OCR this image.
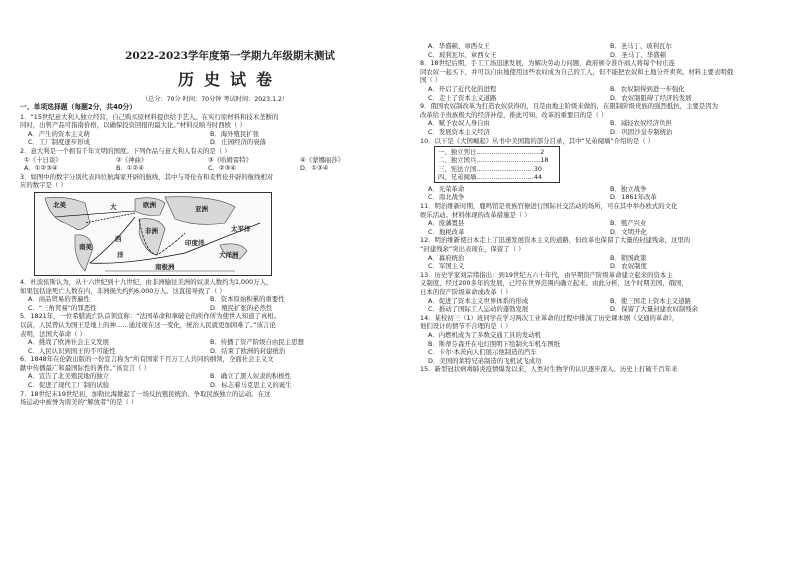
2022-2023学年度第一学期九年级期末测试
历史试卷
（总分：70分 时间：70分钟 考试时间：2023.1.2）
一、单项选择题（每题2分，共40分）
1．“15世纪意大利人独立经营，自己购买原材料提供给手艺人。在实行原材料和技术垄断的
同时，出售产品可指南价格，以确保投资回报的最大化。”材料反映当时西欧（ ）
A．产生的资本主义萌	B．海外殖民扩张
C．工厂制度逐步形成	D．庄园经济的衰落
2．意大利是一个拥有千年文明的国度。下列作品与意大利人有关的是（ ）
①《十日谈》	②《神曲》	③《哈姆雷特》	④《蒙娜丽莎》
A．①②③④	B．①②④	C．②③④	D．①③④
3．如图中的数字分别代表四位航海家开辟的航线，其中与哥伦布和麦哲伦开辟的航线相对
应的数字是（ ）
北美	大	欧洲	亚洲
太平洋
非洲
印度洋
南美
西
大洋洲
洋
南极洲
4．杜波依斯认为，从十六世纪到十九世纪，由非洲输往美洲的奴隶人数约为1,000万人，
如果包括途死亡人数在内，非洲损失约约6,000万人。这直接导致了（ ）
A．商品贸易的普遍性	B．资本原始积累的重要性
C．“三角贸易”的罪恶性	D．殖民扩张的必然性
5．1821年，一位希腊流亡队首领宣称：“法国革命和拿破仑的所作所为使世人知道了真相。
以前，人民曾认为国王是地上的神……通过现在这一变化，统治人民就更加困难了。”该言论
表明，法国大革命（ ）
A．挑战了欧洲社会主义发展	B．传播了资产阶级自由民主思想
C．人民认识到国王的不可能性	D．结束了欧洲的封建统治
6．1848年在伦敦出版的一份宣言称为“所有国家千百万工人共同的纲领，全面社会主义文
献中传播最广和最国际性的著作。”该宣言（ ）
A．宣告了北美殖民地的独立	B．确立了黑人奴隶的积极性
C．促进了现代工厂制的试验	D．标志着马克思主义的诞生
7．18世纪末19世纪初，加勒比海掀起了一场反抗殖民统治、争取民族独立的运动。在这
场运动中被誉为南美的“解放者”的是（ ）
A．华盛顿、章西女王	B．圣马丁、玻利瓦尔
C．玻利瓦尔、章西女王	D．圣马丁、华盛顿
8．18世纪后期，手工工场迅速发展，为解决劳动力问题，政府颁令准许商人将每个村庄连
同农奴一起买下，并可以自由地使用这些农奴成为自己的工人，但不能把农奴和土地分开卖卖。材料主要表明俄
国（ ）
A．开启了近代化的进程	B．农奴制得到进一步强化
C．走上了资本主义道路	D．农奴制阻碍了经济的发展
9．俄国农奴制改革为打造农奴获得的，且是由地主阶级来做的，在限制阶级贵族的强烈抵抗，主要是因为
改革给予贵族极大的经济补偿，推此可知，改革的重要目的是（ ）
A．赋予农奴人身自由	B．减轻农奴经济负担
C．发展资本主义经济	D．巩固沙皇专制统治
10．以下是《大国崛起》丛书中美国篇的部分目录，其中“兄弟阋墙”介绍的是（ ）
一、独立列日…………………………2
二、独立国兵…………………………18
三、宪法立国………………………30
四、兄弟阋墙………………………44
A．光荣革命	B．独立战争
C．南北战争	D．1861年改革
11．明治维新时期，鹿鸣馆是贵族官僚进行国际社交活动的场所，可在其中举办欧式的文化
娱乐活动。材料体现的改革措施是（ ）
A．废藩置县	B．殖产兴业
C．地税改革	D．文明开化
12．明治维新使日本走上了迅速发展资本主义的道路，但改革也保留了大量的封建残余，这里的
“封建残余”突出表现在，保留了（ ）
A．幕府统治	B．锁国政策
C．军国主义	D．农奴制度
13．历史学家刘宗绪指出：到19世纪五六十年代，由早期资产阶级革命建立起来的资本主
义制度，经过200多年的发展，已经在世界范围内确立起来。由此分析，这个时期美国，俄国，
日本的资产阶级革命或改革（ ）
A．促进了资本主义世界体系的形成	B．使三国走上资本主义道路
C．推动了国际工人运动的蓬勃发展	D．保留了大量封建农奴制残余
14．某校初三（1）班同学在学习两次工业革命的过程中排演了历史课本剧《交通的革命》，
他们设计的情节不合理的是（ ）
A．内燃机成为了多数交通工具的发动机
B．斯蒂芬森开在电灯照明下绘制火车机车图纸
C．卡尔·本茨向人们展示他制造的汽车
D．美国的莱特兄弟制造的飞机试飞成功
15．新型冠状病毒肺炎疫情爆发以来，人类对生物学的认识逐步深入。历史上打破千百年来
